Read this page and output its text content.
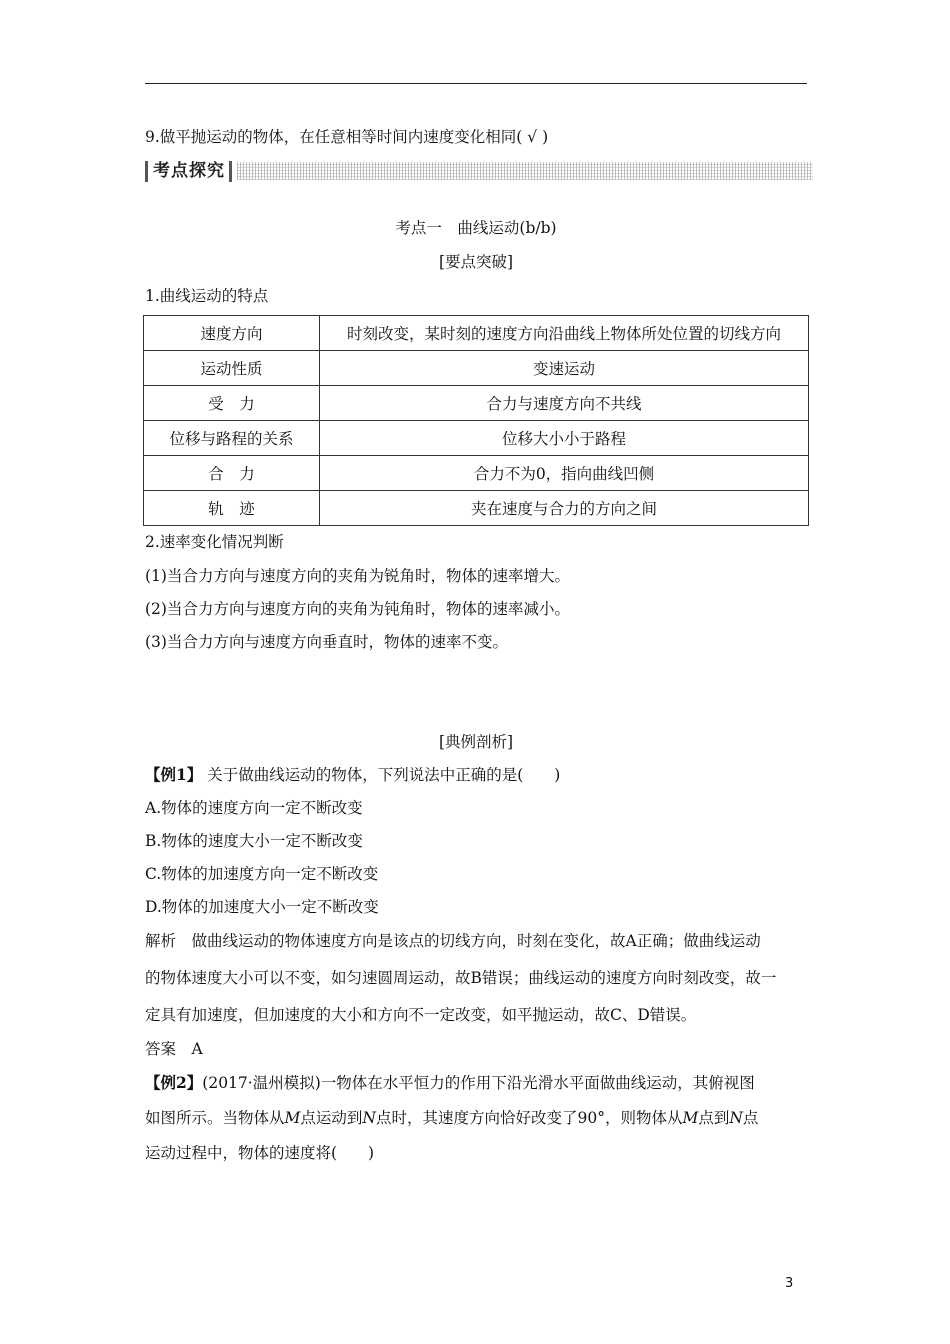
9.做平抛运动的物体，在任意相等时间内速度变化相同( √ )
考点探究
考点一　曲线运动(b/b)
[要点突破]
1.曲线运动的特点
速度方向	时刻改变，某时刻的速度方向沿曲线上物体所处位置的切线方向
运动性质	变速运动
受　力	合力与速度方向不共线
位移与路程的关系	位移大小小于路程
合　力	合力不为0，指向曲线凹侧
轨　迹	夹在速度与合力的方向之间
2.速率变化情况判断
(1)当合力方向与速度方向的夹角为锐角时，物体的速率增大。
(2)当合力方向与速度方向的夹角为钝角时，物体的速率减小。
(3)当合力方向与速度方向垂直时，物体的速率不变。
[典例剖析]
【例1】 关于做曲线运动的物体，下列说法中正确的是(　　)
A.物体的速度方向一定不断改变
B.物体的速度大小一定不断改变
C.物体的加速度方向一定不断改变
D.物体的加速度大小一定不断改变
解析　做曲线运动的物体速度方向是该点的切线方向，时刻在变化，故A正确；做曲线运动
的物体速度大小可以不变，如匀速圆周运动，故B错误；曲线运动的速度方向时刻改变，故一
定具有加速度，但加速度的大小和方向不一定改变，如平抛运动，故C、D错误。
答案　A
【例2】(2017·温州模拟)一物体在水平恒力的作用下沿光滑水平面做曲线运动，其俯视图
如图所示。当物体从M点运动到N点时，其速度方向恰好改变了90°，则物体从M点到N点
运动过程中，物体的速度将(　　)
3
